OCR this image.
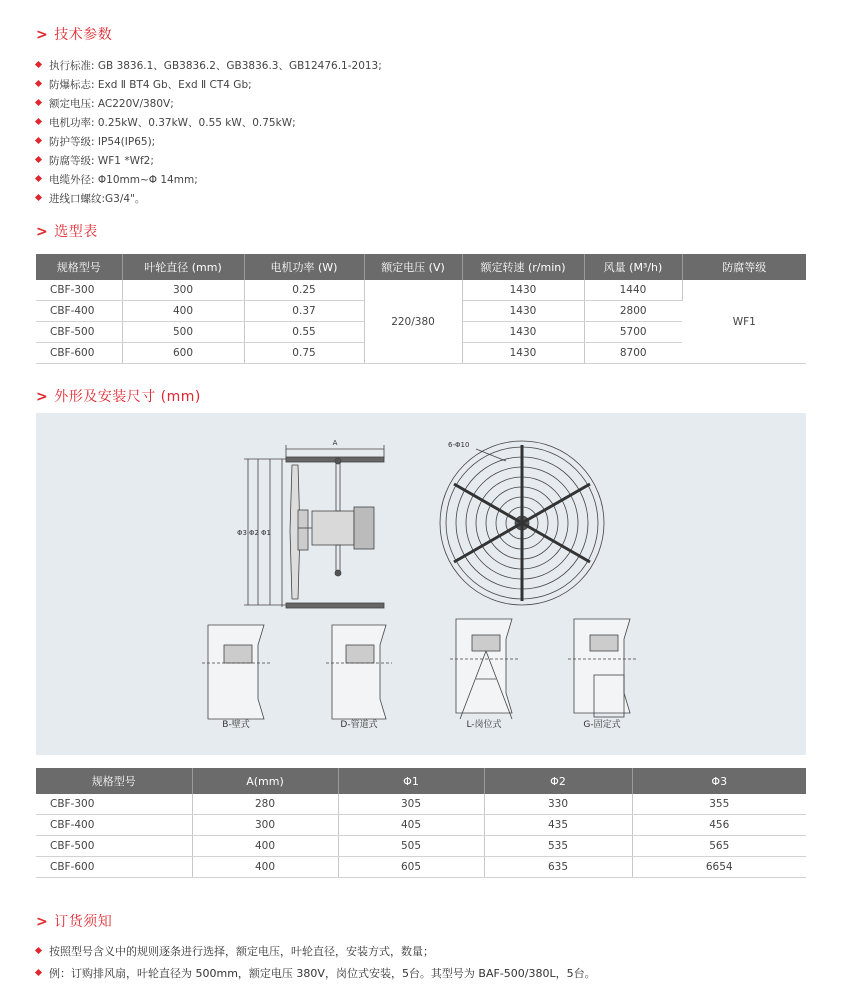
> 技术参数
执行标准: GB 3836.1、GB3836.2、GB3836.3、GB12476.1-2013;
防爆标志: Exd Ⅱ BT4 Gb、Exd Ⅱ CT4 Gb;
额定电压: AC220V/380V;
电机功率: 0.25kW、0.37kW、0.55 kW、0.75kW;
防护等级: IP54(IP65);
防腐等级: WF1 *Wf2;
电缆外径: Φ10mm~Φ 14mm;
进线口螺纹:G3/4"。
> 选型表
规格型号	叶轮直径 (mm)	电机功率 (W)	额定电压 (V)	额定转速 (r/min)	风量 (M³/h)	防腐等级
CBF-300	300	0.25	220/380	1430	1440	WF1
CBF-400	400	0.37		1430	2800	
CBF-500	500	0.55		1430	5700	
CBF-600	600	0.75		1430	8700	
> 外形及安装尺寸 (mm)
A
Φ3 Φ2 Φ1
6-Φ10
B-壁式	D-管道式	L-岗位式	G-固定式
规格型号	A(mm)	Φ1	Φ2	Φ3
CBF-300	280	305	330	355
CBF-400	300	405	435	456
CBF-500	400	505	535	565
CBF-600	400	605	635	6654
> 订货须知
按照型号含义中的规则逐条进行选择，额定电压，叶轮直径，安装方式，数量；
例：订购排风扇，叶轮直径为 500mm，额定电压 380V，岗位式安装，5台。其型号为 BAF-500/380L，5台。
